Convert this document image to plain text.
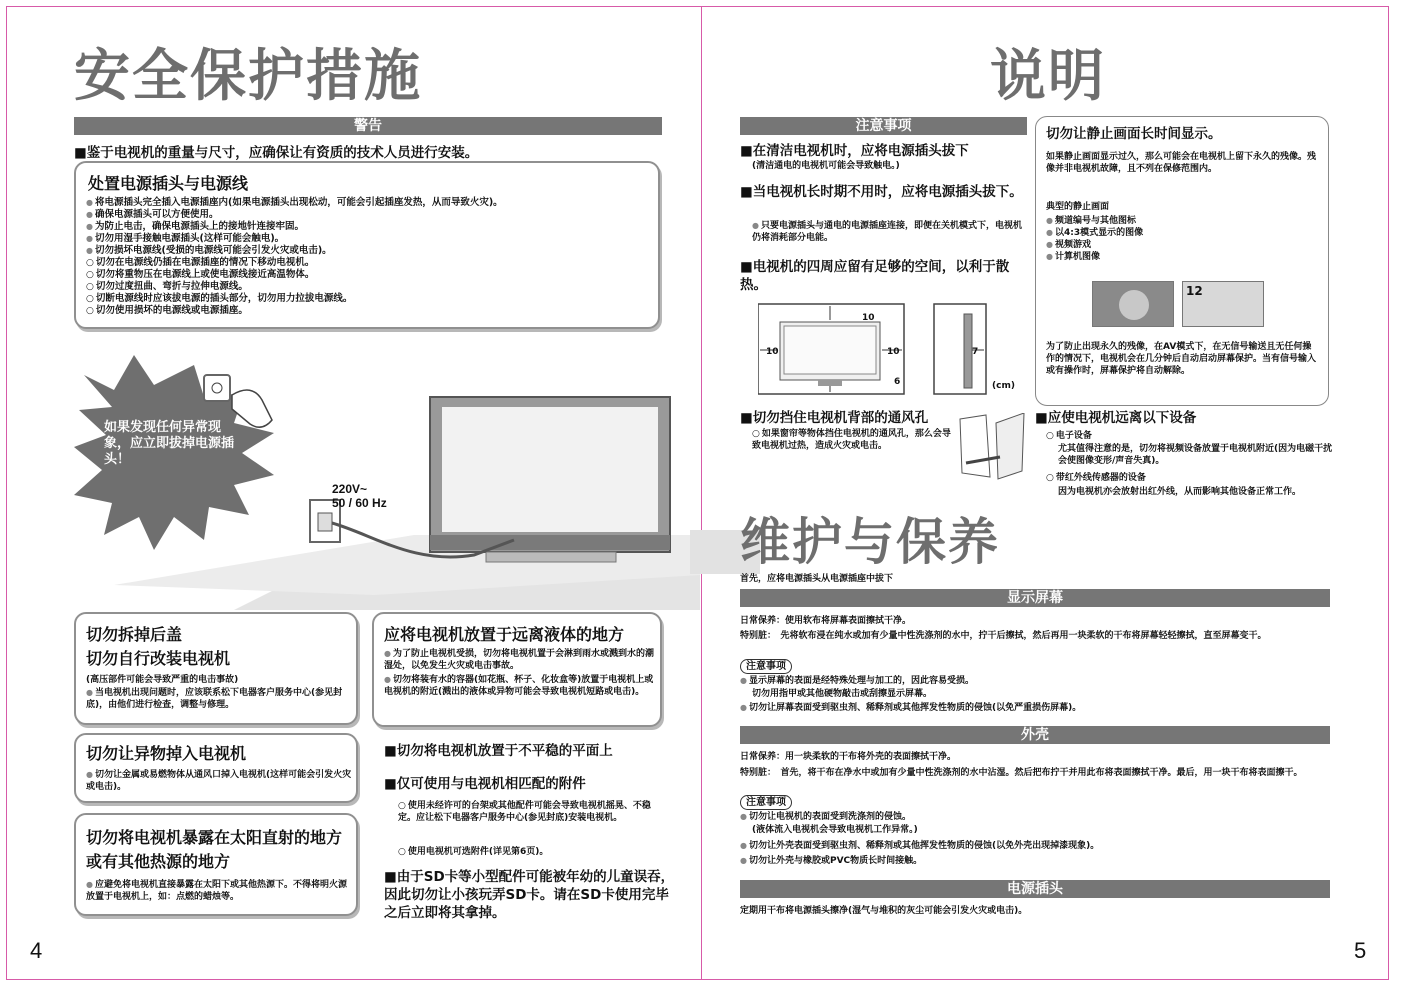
安全保护措施
警告
■鉴于电视机的重量与尺寸，应确保让有资质的技术人员进行安装。
处置电源插头与电源线
● 将电源插头完全插入电源插座内(如果电源插头出现松动，可能会引起插座发热，从而导致火灾)。
● 确保电源插头可以方便使用。
● 为防止电击，确保电源插头上的接地针连接牢固。
● 切勿用湿手接触电源插头(这样可能会触电)。
● 切勿损坏电源线(受损的电源线可能会引发火灾或电击)。
○ 切勿在电源线仍插在电源插座的情况下移动电视机。
○ 切勿将重物压在电源线上或使电源线接近高温物体。
○ 切勿过度扭曲、弯折与拉伸电源线。
○ 切断电源线时应该拔电源的插头部分，切勿用力拉拔电源线。
○ 切勿使用损坏的电源线或电源插座。
如果发现任何异常现象，应立即拔掉电源插头！
220V~
50 / 60 Hz
切勿拆掉后盖
切勿自行改装电视机
(高压部件可能会导致严重的电击事故)
● 当电视机出现问题时，应该联系松下电器客户服务中心(参见封底)，由他们进行检查，调整与修理。
切勿让异物掉入电视机
● 切勿让金属或易燃物体从通风口掉入电视机(这样可能会引发火灾或电击)。
切勿将电视机暴露在太阳直射的地方
或有其他热源的地方
● 应避免将电视机直接暴露在太阳下或其他热源下。不得将明火源放置于电视机上，如：点燃的蜡烛等。
应将电视机放置于远离液体的地方
● 为了防止电视机受损，切勿将电视机置于会淋到雨水或溅到水的潮湿处，以免发生火灾或电击事故。
● 切勿将装有水的容器(如花瓶、杯子、化妆盒等)放置于电视机上或电视机的附近(溅出的液体或异物可能会导致电视机短路或电击)。
■切勿将电视机放置于不平稳的平面上
■仅可使用与电视机相匹配的附件
○ 使用未经许可的台架或其他配件可能会导致电视机摇晃、不稳定。应让松下电器客户服务中心(参见封底)安装电视机。
○ 使用电视机可选附件(详见第6页)。
■由于SD卡等小型配件可能被年幼的儿童误吞，因此切勿让小孩玩弄SD卡。请在SD卡使用完毕之后立即将其拿掉。
4
说明
注意事项
■在清洁电视机时，应将电源插头拔下
(清洁通电的电视机可能会导致触电。)
■当电视机长时期不用时，应将电源插头拔下。
● 只要电源插头与通电的电源插座连接，即便在关机模式下，电视机仍将消耗部分电能。
■电视机的四周应留有足够的空间，以利于散热。
10
10	10
6
7
(cm)
■切勿挡住电视机背部的通风孔
○ 如果窗帘等物体挡住电视机的通风孔，那么会导致电视机过热，造成火灾或电击。
切勿让静止画面长时间显示。
如果静止画面显示过久，那么可能会在电视机上留下永久的残像。残像并非电视机故障，且不列在保修范围内。
典型的静止画面
● 频道编号与其他图标
● 以4:3模式显示的图像
● 视频游戏
● 计算机图像
12
为了防止出现永久的残像，在AV模式下，在无信号输送且无任何操作的情况下，电视机会在几分钟后自动启动屏幕保护。当有信号输入或有操作时，屏幕保护将自动解除。
■应使电视机远离以下设备
○ 电子设备
尤其值得注意的是，切勿将视频设备放置于电视机附近(因为电磁干扰会使图像变形/声音失真)。
○ 带红外线传感器的设备
因为电视机亦会放射出红外线，从而影响其他设备正常工作。
维护与保养
首先，应将电源插头从电源插座中拔下
显示屏幕
日常保养：使用软布将屏幕表面擦拭干净。
特别脏：　先将软布浸在纯水或加有少量中性洗涤剂的水中，拧干后擦拭，然后再用一块柔软的干布将屏幕轻轻擦拭，直至屏幕变干。
注意事项
● 显示屏幕的表面是经特殊处理与加工的，因此容易受损。
切勿用指甲或其他硬物敲击或刮擦显示屏幕。
● 切勿让屏幕表面受到驱虫剂、稀释剂或其他挥发性物质的侵蚀(以免严重损伤屏幕)。
外壳
日常保养：用一块柔软的干布将外壳的表面擦拭干净。
特别脏：　首先，将干布在净水中或加有少量中性洗涤剂的水中沾湿。然后把布拧干并用此布将表面擦拭干净。最后，用一块干布将表面擦干。
注意事项
● 切勿让电视机的表面受到洗涤剂的侵蚀。
(液体流入电视机会导致电视机工作异常。)
● 切勿让外壳表面受到驱虫剂、稀释剂或其他挥发性物质的侵蚀(以免外壳出现掉漆现象)。
● 切勿让外壳与橡胶或PVC物质长时间接触。
电源插头
定期用干布将电源插头擦净(湿气与堆积的灰尘可能会引发火灾或电击)。
5
